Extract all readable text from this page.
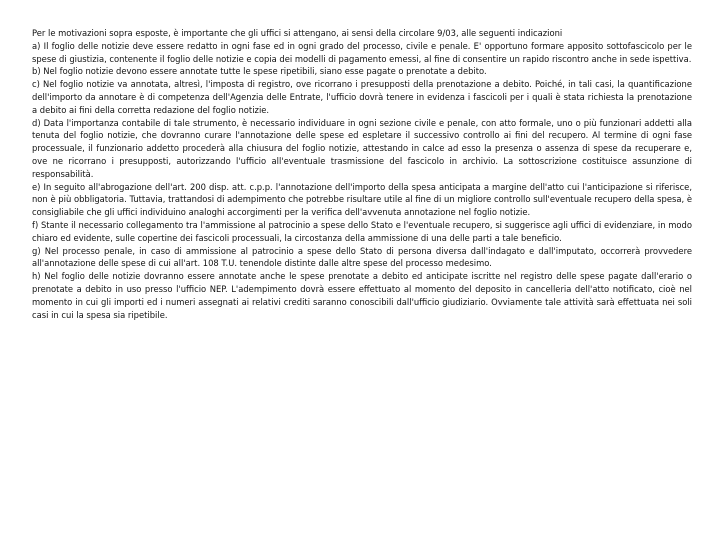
Per le motivazioni sopra esposte, è importante che gli uffici si attengano, ai sensi della circolare 9/03, alle seguenti indicazioni

a) Il foglio delle notizie deve essere redatto in ogni fase ed in ogni grado del processo, civile e penale. E' opportuno formare apposito sottofascicolo per le spese di giustizia, contenente il foglio delle notizie e copia dei modelli di pagamento emessi, al fine di consentire un rapido riscontro anche in sede ispettiva.

b) Nel foglio notizie devono essere annotate tutte le spese ripetibili, siano esse pagate o prenotate a debito.

c) Nel foglio notizie va annotata, altresì, l'imposta di registro, ove ricorrano i presupposti della prenotazione a debito. Poiché, in tali casi, la quantificazione dell'importo da annotare è di competenza dell'Agenzia delle Entrate, l'ufficio dovrà tenere in evidenza i fascicoli per i quali è stata richiesta la prenotazione a debito ai fini della corretta redazione del foglio notizie.

d) Data l'importanza contabile di tale strumento, è necessario individuare in ogni sezione civile e penale, con atto formale, uno o più funzionari addetti alla tenuta del foglio notizie, che dovranno curare l'annotazione delle spese ed espletare il successivo controllo ai fini del recupero. Al termine di ogni fase processuale, il funzionario addetto procederà alla chiusura del foglio notizie, attestando in calce ad esso la presenza o assenza di spese da recuperare e, ove ne ricorrano i presupposti, autorizzando l'ufficio all'eventuale trasmissione del fascicolo in archivio. La sottoscrizione costituisce assunzione di responsabilità.

e) In seguito all'abrogazione dell'art. 200 disp. att. c.p.p. l'annotazione dell'importo della spesa anticipata a margine dell'atto cui l'anticipazione si riferisce, non è più obbligatoria. Tuttavia, trattandosi di adempimento che potrebbe risultare utile al fine di un migliore controllo sull'eventuale recupero della spesa, è consigliabile che gli uffici individuino analoghi accorgimenti per la verifica dell'avvenuta annotazione nel foglio notizie.

f) Stante il necessario collegamento tra l'ammissione al patrocinio a spese dello Stato e l'eventuale recupero, si suggerisce agli uffici di evidenziare, in modo chiaro ed evidente, sulle copertine dei fascicoli processuali, la circostanza della ammissione di una delle parti a tale beneficio.

g) Nel processo penale, in caso di ammissione al patrocinio a spese dello Stato di persona diversa dall'indagato e dall'imputato, occorrerà provvedere all'annotazione delle spese di cui all'art. 108 T.U. tenendole distinte dalle altre spese del processo medesimo.

h) Nel foglio delle notizie dovranno essere annotate anche le spese prenotate a debito ed anticipate iscritte nel registro delle spese pagate dall'erario o prenotate a debito in uso presso l'ufficio NEP. L'adempimento dovrà essere effettuato al momento del deposito in cancelleria dell'atto notificato, cioè nel momento in cui gli importi ed i numeri assegnati ai relativi crediti saranno conoscibili dall'ufficio giudiziario. Ovviamente tale attività sarà effettuata nei soli casi in cui la spesa sia ripetibile.
